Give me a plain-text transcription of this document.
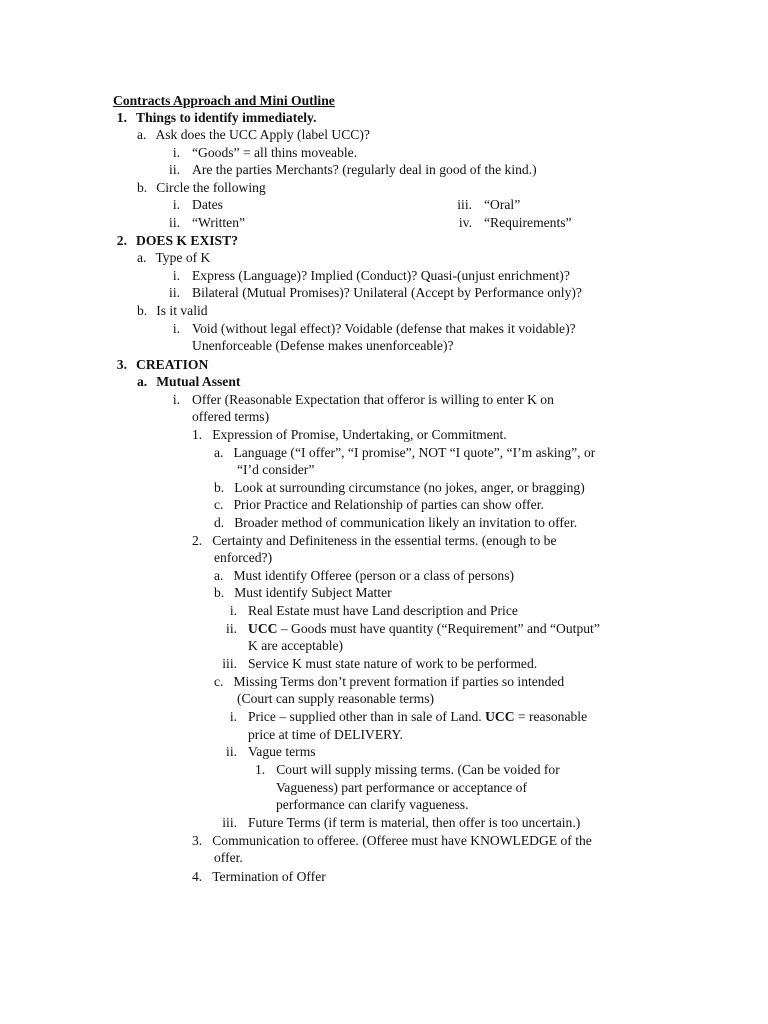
Contracts Approach and Mini Outline
1. Things to identify immediately.
a. Ask does the UCC Apply (label UCC)?
i. “Goods” = all thins moveable.
ii. Are the parties Merchants? (regularly deal in good of the kind.)
b. Circle the following
i. Dates	iii. “Oral”
ii. “Written”	iv. “Requirements”
2. DOES K EXIST?
a. Type of K
i. Express (Language)? Implied (Conduct)? Quasi-(unjust enrichment)?
ii. Bilateral (Mutual Promises)? Unilateral (Accept by Performance only)?
b. Is it valid
i. Void (without legal effect)? Voidable (defense that makes it voidable)?
Unenforceable (Defense makes unenforceable)?
3. CREATION
a. Mutual Assent
i. Offer (Reasonable Expectation that offeror is willing to enter K on
offered terms)
1. Expression of Promise, Undertaking, or Commitment.
a. Language (“I offer”, “I promise”, NOT “I quote”, “I’m asking”, or
“I’d consider”
b. Look at surrounding circumstance (no jokes, anger, or bragging)
c. Prior Practice and Relationship of parties can show offer.
d. Broader method of communication likely an invitation to offer.
2. Certainty and Definiteness in the essential terms. (enough to be
enforced?)
a. Must identify Offeree (person or a class of persons)
b. Must identify Subject Matter
i. Real Estate must have Land description and Price
ii. UCC – Goods must have quantity (“Requirement” and “Output”
K are acceptable)
iii. Service K must state nature of work to be performed.
c. Missing Terms don’t prevent formation if parties so intended
(Court can supply reasonable terms)
i. Price – supplied other than in sale of Land. UCC = reasonable
price at time of DELIVERY.
ii. Vague terms
1. Court will supply missing terms. (Can be voided for
Vagueness) part performance or acceptance of
performance can clarify vagueness.
iii. Future Terms (if term is material, then offer is too uncertain.)
3. Communication to offeree. (Offeree must have KNOWLEDGE of the
offer.
4. Termination of Offer
